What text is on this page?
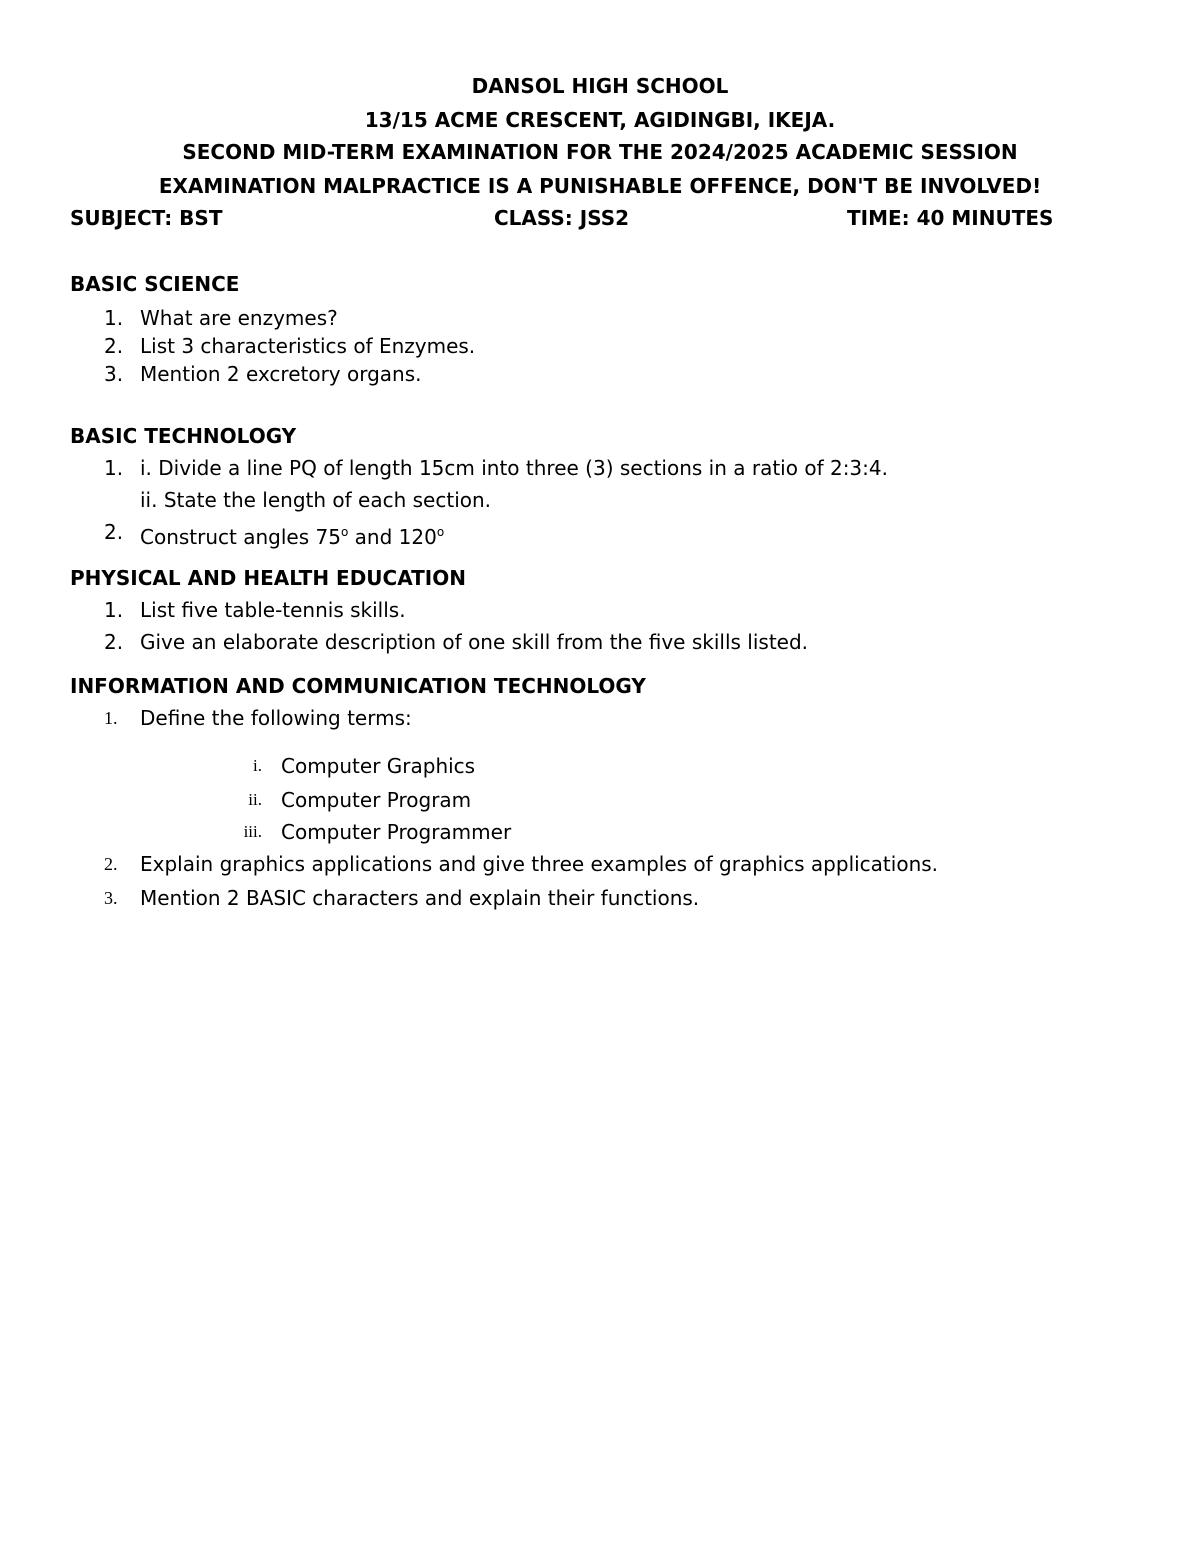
DANSOL HIGH SCHOOL
13/15 ACME CRESCENT, AGIDINGBI, IKEJA.
SECOND MID-TERM EXAMINATION FOR THE 2024/2025 ACADEMIC SESSION
EXAMINATION MALPRACTICE IS A PUNISHABLE OFFENCE, DON'T BE INVOLVED!
SUBJECT: BST	CLASS: JSS2	TIME: 40 MINUTES
BASIC SCIENCE
1. What are enzymes?
2. List 3 characteristics of Enzymes.
3. Mention 2 excretory organs.
BASIC TECHNOLOGY
1. i. Divide a line PQ of length 15cm into three (3) sections in a ratio of 2:3:4.
ii. State the length of each section.
2. Construct angles 75$^o$ and 120$^o$
PHYSICAL AND HEALTH EDUCATION
1. List five table-tennis skills.
2. Give an elaborate description of one skill from the five skills listed.
INFORMATION AND COMMUNICATION TECHNOLOGY
1. Define the following terms:
i. Computer Graphics
ii. Computer Program
iii. Computer Programmer
2. Explain graphics applications and give three examples of graphics applications.
3. Mention 2 BASIC characters and explain their functions.
